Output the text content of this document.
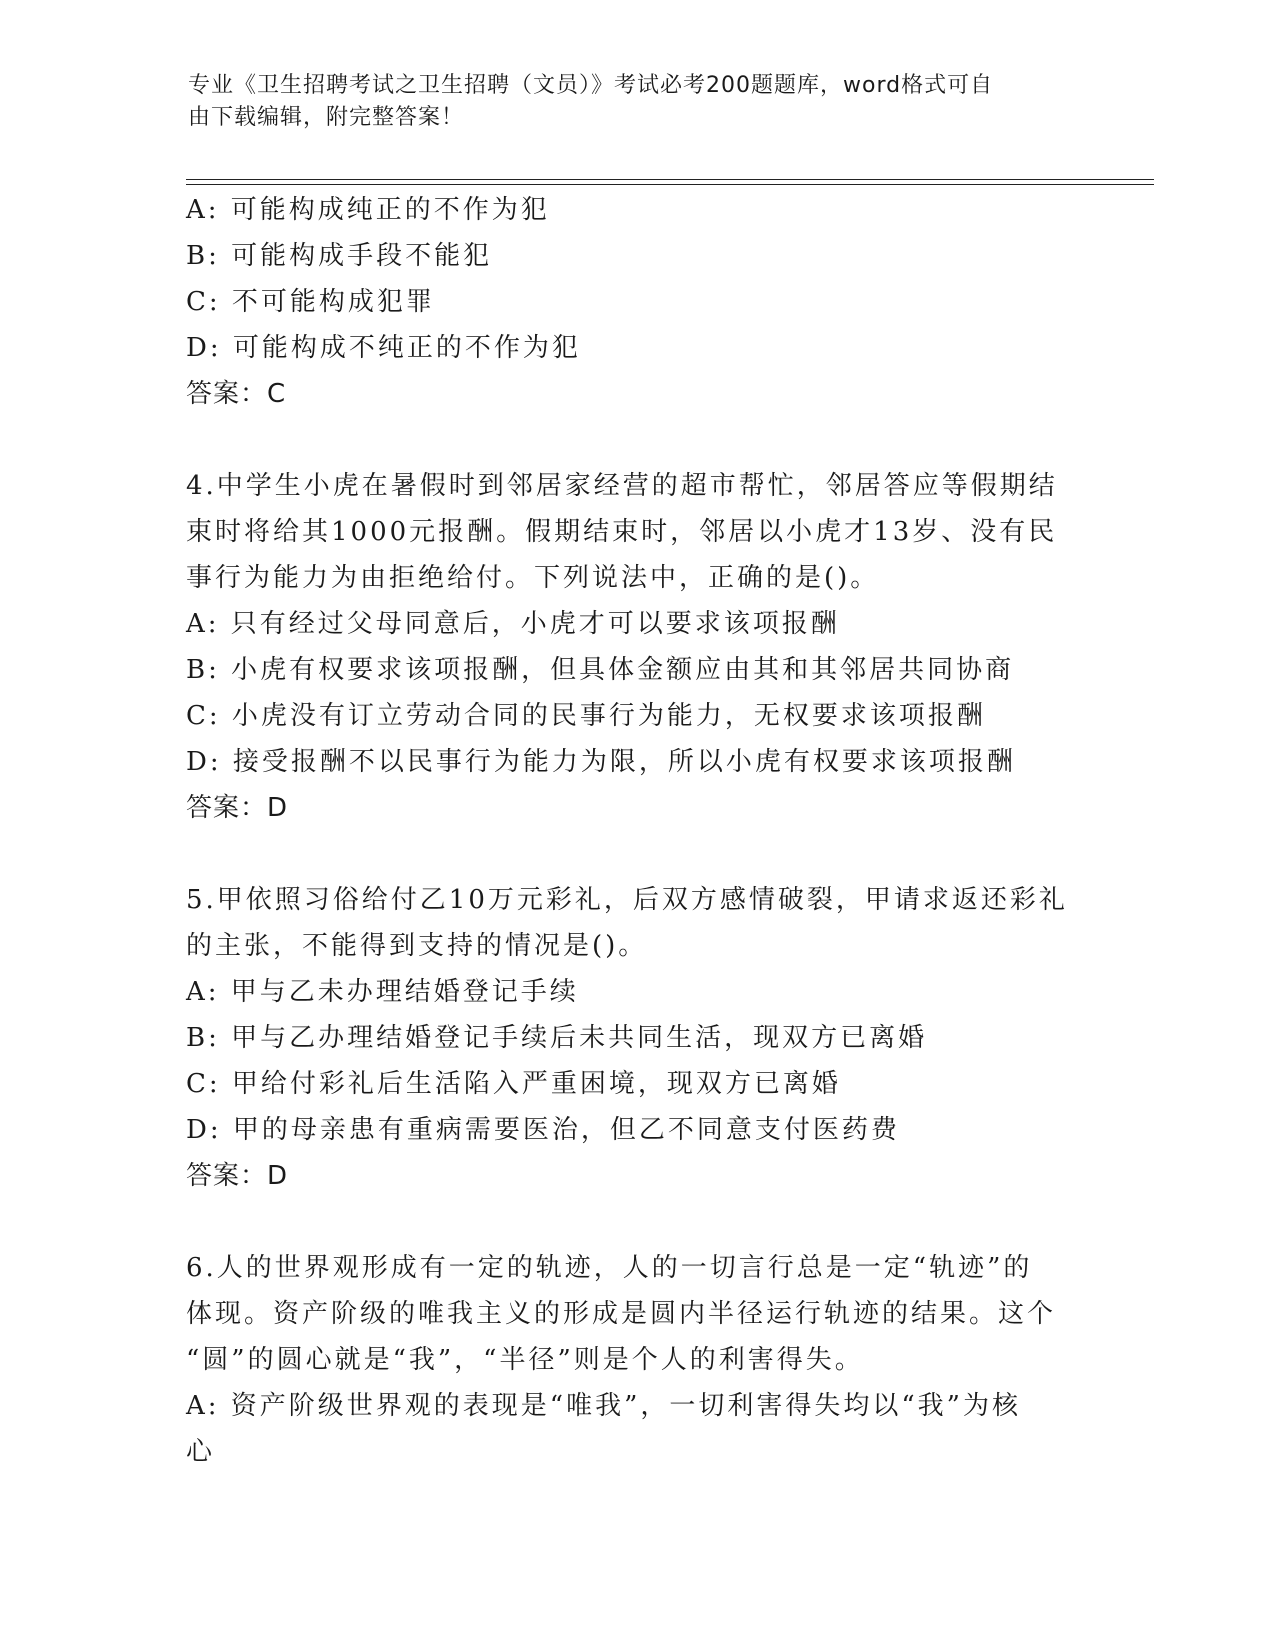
专业《卫生招聘考试之卫生招聘（文员）》考试必考200题题库，word格式可自
由下载编辑，附完整答案！
A: 可能构成纯正的不作为犯
B: 可能构成手段不能犯
C: 不可能构成犯罪
D: 可能构成不纯正的不作为犯
答案：C
4.中学生小虎在暑假时到邻居家经营的超市帮忙，邻居答应等假期结
束时将给其1000元报酬。假期结束时，邻居以小虎才13岁、没有民
事行为能力为由拒绝给付。下列说法中，正确的是()。
A: 只有经过父母同意后，小虎才可以要求该项报酬
B: 小虎有权要求该项报酬，但具体金额应由其和其邻居共同协商
C: 小虎没有订立劳动合同的民事行为能力，无权要求该项报酬
D: 接受报酬不以民事行为能力为限，所以小虎有权要求该项报酬
答案：D
5.甲依照习俗给付乙10万元彩礼，后双方感情破裂，甲请求返还彩礼
的主张，不能得到支持的情况是()。
A: 甲与乙未办理结婚登记手续
B: 甲与乙办理结婚登记手续后未共同生活，现双方已离婚
C: 甲给付彩礼后生活陷入严重困境，现双方已离婚
D: 甲的母亲患有重病需要医治，但乙不同意支付医药费
答案：D
6.人的世界观形成有一定的轨迹，人的一切言行总是一定“轨迹”的
体现。资产阶级的唯我主义的形成是圆内半径运行轨迹的结果。这个
“圆”的圆心就是“我”，“半径”则是个人的利害得失。
A: 资产阶级世界观的表现是“唯我”，一切利害得失均以“我”为核
心
